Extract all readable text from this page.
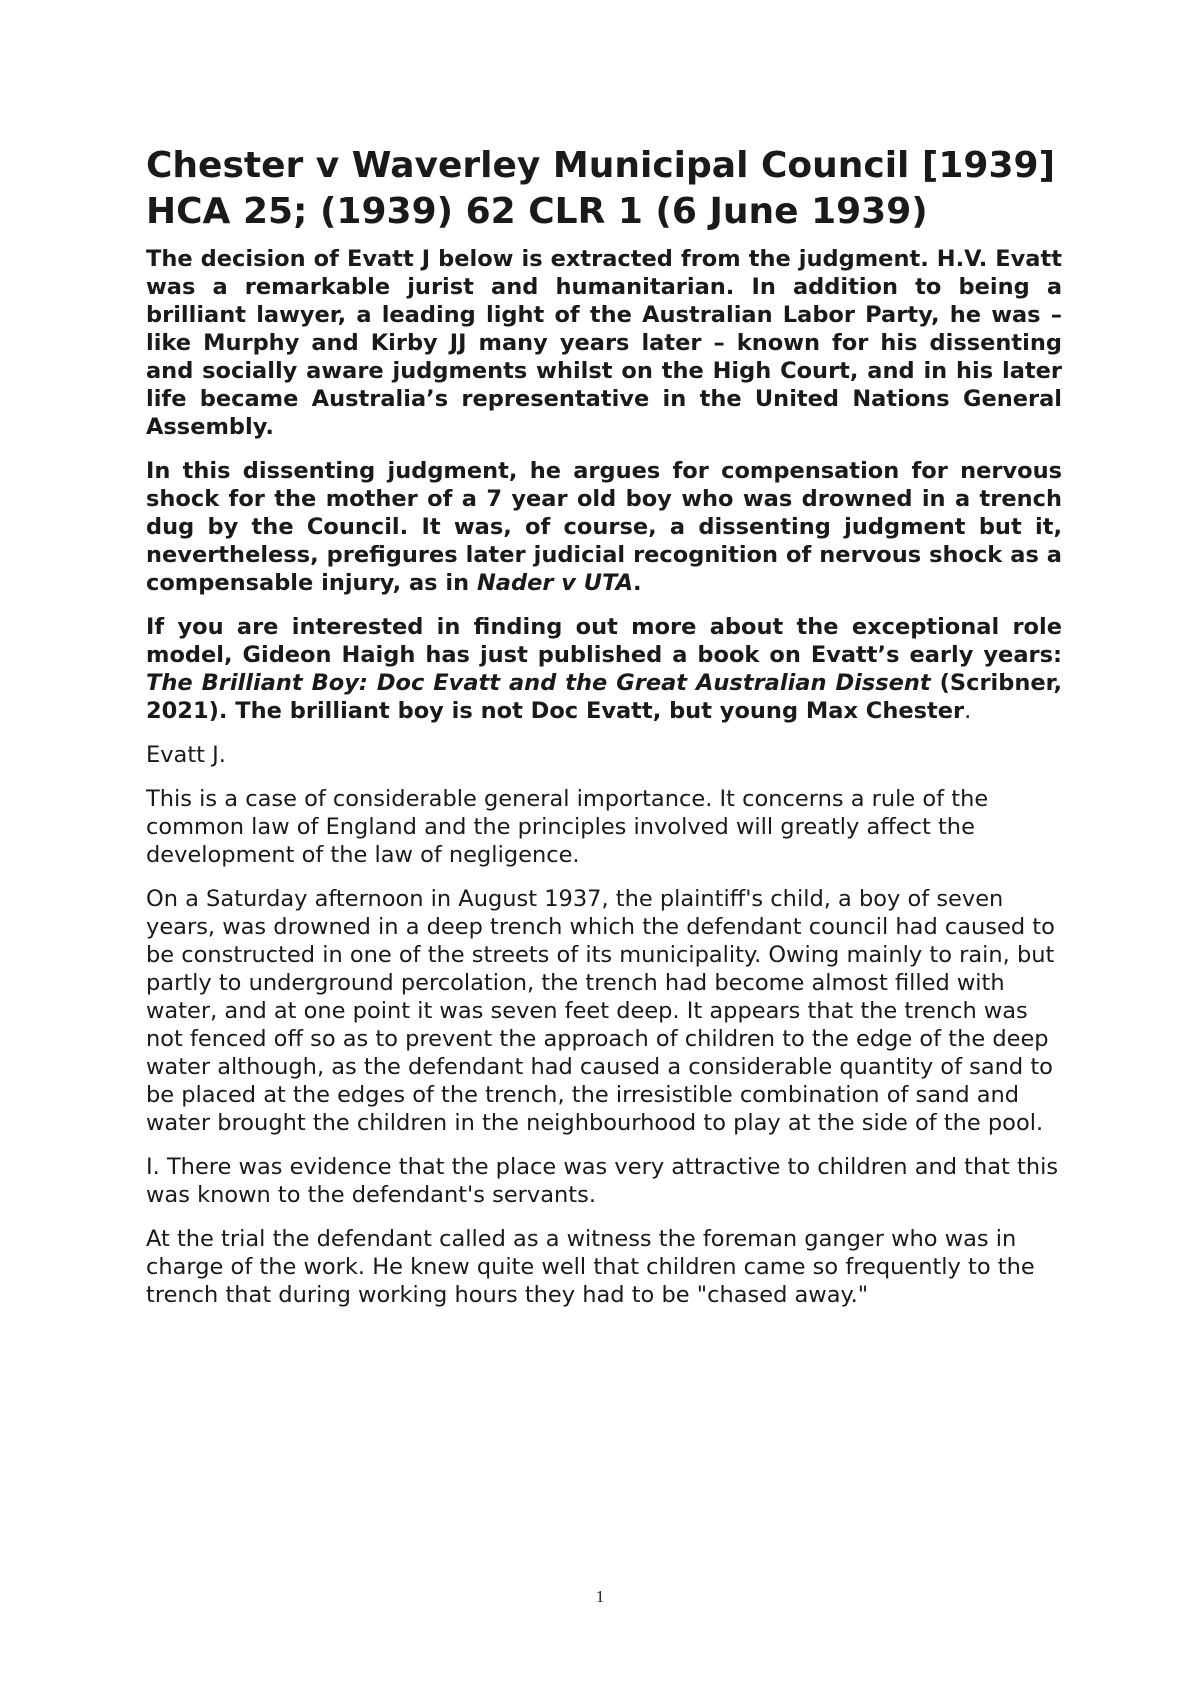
Chester v Waverley Municipal Council [1939] HCA 25; (1939) 62 CLR 1 (6 June 1939)

The decision of Evatt J below is extracted from the judgment. H.V. Evatt was a remarkable jurist and humanitarian. In addition to being a brilliant lawyer, a leading light of the Australian Labor Party, he was – like Murphy and Kirby JJ many years later – known for his dissenting and socially aware judgments whilst on the High Court, and in his later life became Australia’s representative in the United Nations General Assembly.

In this dissenting judgment, he argues for compensation for nervous shock for the mother of a 7 year old boy who was drowned in a trench dug by the Council. It was, of course, a dissenting judgment but it, nevertheless, prefigures later judicial recognition of nervous shock as a compensable injury, as in Nader v UTA.

If you are interested in finding out more about the exceptional role model, Gideon Haigh has just published a book on Evatt’s early years: The Brilliant Boy: Doc Evatt and the Great Australian Dissent (Scribner, 2021). The brilliant boy is not Doc Evatt, but young Max Chester.

Evatt J.

This is a case of considerable general importance. It concerns a rule of the common law of England and the principles involved will greatly affect the development of the law of negligence.

On a Saturday afternoon in August 1937, the plaintiff's child, a boy of seven years, was drowned in a deep trench which the defendant council had caused to be constructed in one of the streets of its municipality. Owing mainly to rain, but partly to underground percolation, the trench had become almost filled with water, and at one point it was seven feet deep. It appears that the trench was not fenced off so as to prevent the approach of children to the edge of the deep water although, as the defendant had caused a considerable quantity of sand to be placed at the edges of the trench, the irresistible combination of sand and water brought the children in the neighbourhood to play at the side of the pool.

I. There was evidence that the place was very attractive to children and that this was known to the defendant's servants.

At the trial the defendant called as a witness the foreman ganger who was in charge of the work. He knew quite well that children came so frequently to the trench that during working hours they had to be "chased away."

1
